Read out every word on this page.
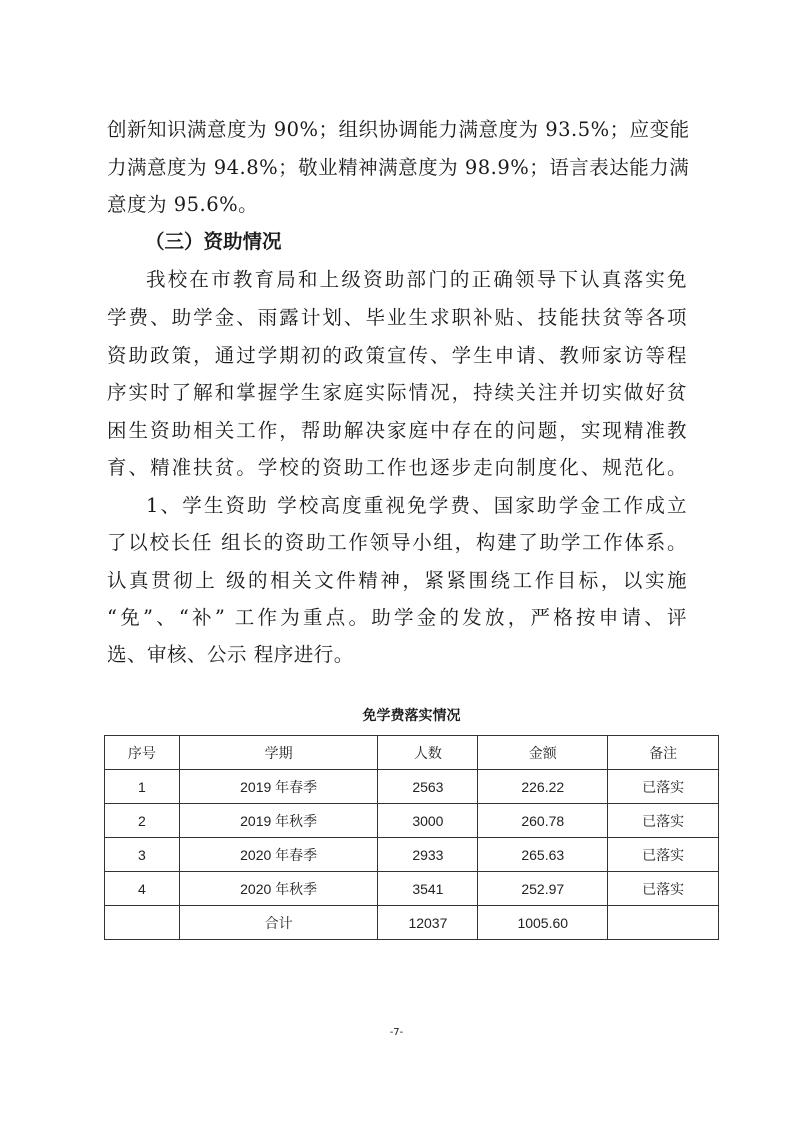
创新知识满意度为 90%；组织协调能力满意度为 93.5%；应变能
力满意度为 94.8%；敬业精神满意度为 98.9%；语言表达能力满
意度为 95.6%。
（三）资助情况
我校在市教育局和上级资助部门的正确领导下认真落实免
学费、助学金、雨露计划、毕业生求职补贴、技能扶贫等各项
资助政策，通过学期初的政策宣传、学生申请、教师家访等程
序实时了解和掌握学生家庭实际情况，持续关注并切实做好贫
困生资助相关工作，帮助解决家庭中存在的问题，实现精准教
育、精准扶贫。学校的资助工作也逐步走向制度化、规范化。
1、学生资助 学校高度重视免学费、国家助学金工作成立
了以校长任 组长的资助工作领导小组，构建了助学工作体系。
认真贯彻上 级的相关文件精神，紧紧围绕工作目标，以实施
“免”、“补” 工作为重点。助学金的发放，严格按申请、评
选、审核、公示 程序进行。
免学费落实情况
序号	学期	人数	金额	备注
1	2019 年春季	2563	226.22	已落实
2	2019 年秋季	3000	260.78	已落实
3	2020 年春季	2933	265.63	已落实
4	2020 年秋季	3541	252.97	已落实
	合计	12037	1005.60	
-7-
